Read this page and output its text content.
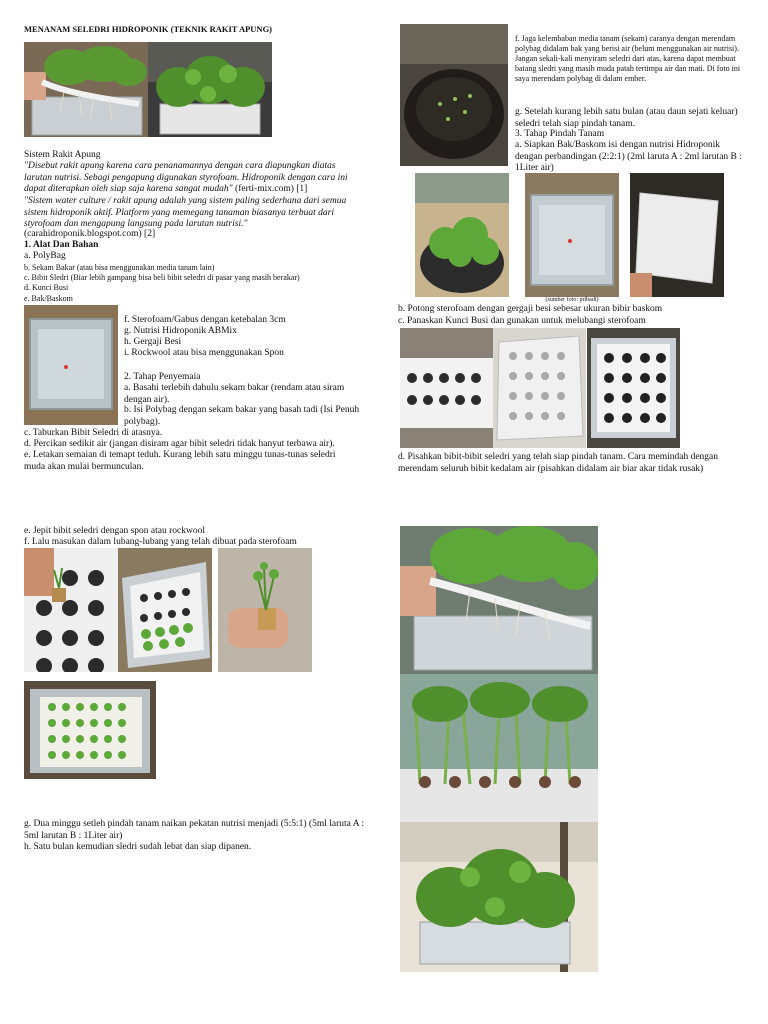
MENANAM SELEDRI HIDROPONIK (TEKNIK RAKIT APUNG)
Sistem Rakit Apung
"Disebut rakit apung karena cara penanamannya dengan cara diapungkan diatas larutan nutrisi. Sebagi pengapung digunakan styrofoam. Hidroponik dengan cara ini dapat diterapkan oleh siap saja karena sangat mudah" (ferti-mix.com) [1]
"Sistem water culture / rakit apung adalah yang sistem paling sederhana dari semua sistem hidroponik aktif. Platform yang memegang tanaman biasanya terbuat dari styrofoam dan mengapung langsung pada larutan nutrisi."
(carahidroponik.blogspot.com) [2]
1. Alat Dan Bahan
a. PolyBag
b. Sekam Bakar (atau bisa menggunakan media tanam lain)
c. Bibit Sledri (Biar lebih gampang bisa beli bibit seledri di pasar yang masih berakar)
d. Kunci Busi
e. Bak/Baskom
f. Sterofoam/Gabus dengan ketebalan 3cm
g. Nutrisi Hidroponik ABMix
h. Gergaji Besi
i. Rockwool atau bisa menggunakan Spon
2. Tahap Penyemaia
a. Basahi terlebih dahulu sekam bakar (rendam atau siram dengan air).
b. Isi Polybag dengan sekam bakar yang basah tadi (Isi Penuh polybag).
c. Taburkan Bibit Seledri di atasnya.
d. Percikan sedikit air (jangan disiram agar bibit seledri tidak hanyut terbawa air).
e. Letakan semaian di temapt teduh. Kurang lebih satu minggu tunas-tunas seledri muda akan mulai bermunculan.
f. Jaga kelembaban media tanam (sekam) caranya dengan merendam polybag didalam bak yang berisi air (belum menggunakan air nutrisi). Jangan sekali-kali menyiram seledri dari atas, karena dapat membuat batang sledri yang masih muda patah tertimpa air dan mati. Di foto ini saya merendam polybag di dalam ember.
g. Setelah kurang lebih satu bulan (atau daun sejati keluar) seledri telah siap pindah tanam.
3. Tahap Pindah Tanam
a. Siapkan Bak/Baskom isi dengan nutrisi Hidroponik dengan perbandingan (2:2:1) (2ml laruta A : 2ml larutan B : 1Liter air)
(sumber foto: pribadi)
b. Potong sterofoam dengan gergaji besi sebesar ukuran bibir baskom
c. Panaskan Kunci Busi dan gunakan untuk melubangi sterofoam
d. Pisahkan bibit-bibit seledri yang telah siap pindah tanam. Cara memindah dengan merendam seluruh bibit kedalam air (pisahkan didalam air biar akar tidak rusak)
e. Jepit bibit seledri dengan spon atau rockwool
f. Lalu masukan dalam lubang-lubang yang telah dibuat pada sterofoam
g. Dua minggu setleh pindah tanam naikan pekatan nutrisi menjadi (5:5:1) (5ml laruta A : 5ml larutan B : 1Liter air)
h. Satu bulan kemudian sledri sudah lebat dan siap dipanen.
